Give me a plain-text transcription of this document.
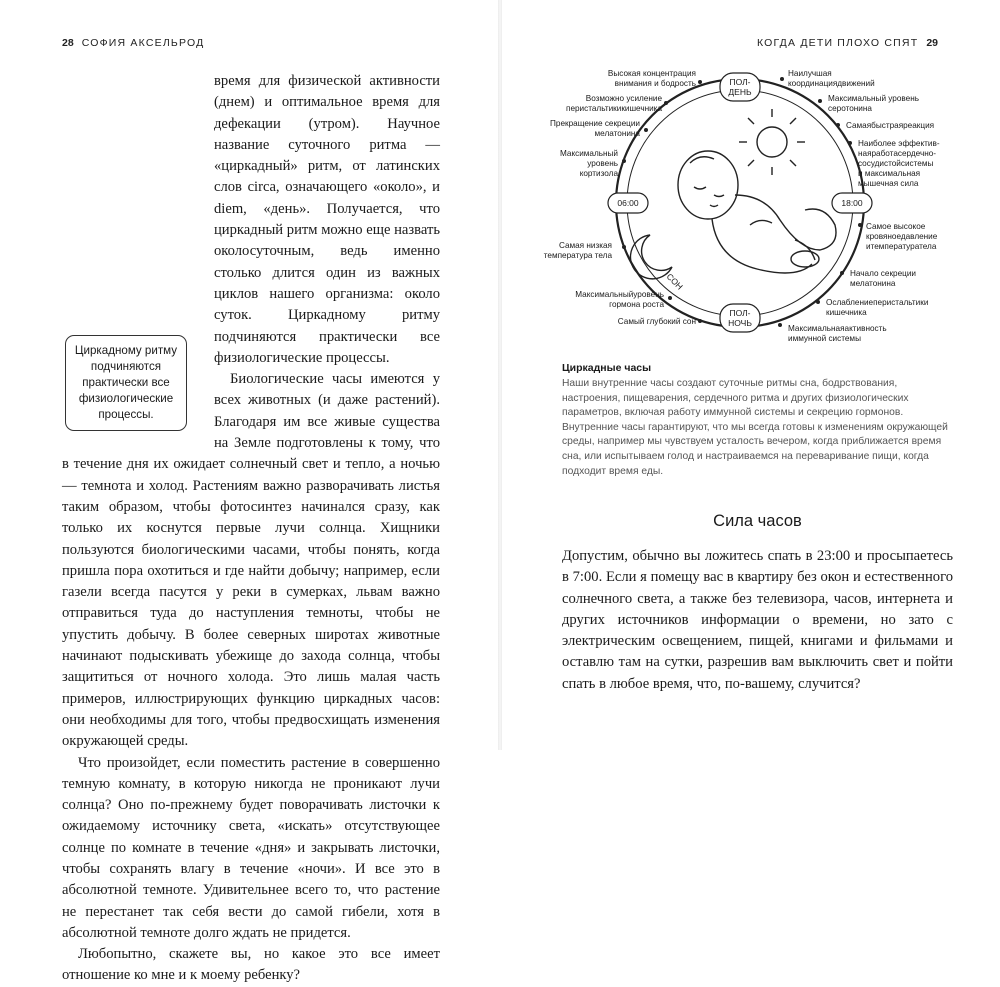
28 СОФИЯ АКСЕЛЬРОД

время для физической активности (днем) и оптимальное время для дефекации (утром). Научное название суточного ритма — «циркадный» ритм, от латинских слов circa, означающего «около», и diem, «день». Получается, что циркадный ритм можно еще назвать околосуточным, ведь именно столько длится один из важных циклов нашего организма: около суток. Циркадному ритму подчиняются практически все физиологические процессы.

Биологические часы имеются у всех животных (и даже растений). Благодаря им все живые существа на Земле подготовлены к тому, что в течение дня их ожидает солнечный свет и тепло, а ночью — темнота и холод. Растениям важно разворачивать листья таким образом, чтобы фотосинтез начинался сразу, как только их коснутся первые лучи солнца. Хищники пользуются биологическими часами, чтобы понять, когда пришла пора охотиться и где найти добычу; например, если газели всегда пасутся у реки в сумерках, львам важно отправиться туда до наступления темноты, чтобы не упустить добычу. В более северных широтах животные начинают подыскивать убежище до захода солнца, чтобы защититься от ночного холода. Это лишь малая часть примеров, иллюстрирующих функцию циркадных часов: они необходимы для того, чтобы предвосхищать изменения окружающей среды.

Что произойдет, если поместить растение в совершенно темную комнату, в которую никогда не проникают лучи солнца? Оно по-прежнему будет поворачивать листочки к ожидаемому источнику света, «искать» отсутствующее солнце по комнате в течение «дня» и закрывать листочки, чтобы сохранять влагу в течение «ночи». И все это в абсолютной темноте. Удивительнее всего то, что растение не перестанет так себя вести до самой гибели, хотя в абсолютной темноте долго ждать не придется.

Любопытно, скажете вы, но какое это все имеет отношение ко мне и к моему ребенку?

Циркадному ритму подчиняются практически все физиологические процессы.
КОГДА ДЕТИ ПЛОХО СПЯТ 29
СОН
ПОЛ-
ДЕНЬ
ПОЛ-
НОЧЬ
06:00	18:00
Высокая концентрация внимания и бодрость
Возможно усиление перистальтикикишечника
Прекращение секреции мелатонина
Максимальный уровень кортизола
Самая низкая температура тела
Максимальныйуровень гормона роста
Самый глубокий сон
Наилучшая координациядвижений
Максимальный уровень серотонина
Самаябыстраяреакция
Наиболее эффектив-наяработасердечно-сосудистойсистемы и максимальная мышечная сила
Самое высокое кровяноедавление итемпературатела
Начало секреции мелатонина
Ослаблениеперистальтики кишечника
Максимальнаяактивность иммунной системы
Циркадные часы
Наши внутренние часы создают суточные ритмы сна, бодрствования, настроения, пищеварения, сердечного ритма и других физиологических параметров, включая работу иммунной системы и секрецию гормонов. Внутренние часы гарантируют, что мы всегда готовы к изменениям окружающей среды, например мы чувствуем усталость вечером, когда приближается время сна, или испытываем голод и настраиваемся на переваривание пищи, когда подходит время еды.
Сила часов

Допустим, обычно вы ложитесь спать в 23:00 и просыпаетесь в 7:00. Если я помещу вас в квартиру без окон и естественного солнечного света, а также без телевизора, часов, интернета и других источников информации о времени, но зато с электрическим освещением, пищей, книгами и фильмами и оставлю там на сутки, разрешив вам выключить свет и пойти спать в любое время, что, по-вашему, случится?
